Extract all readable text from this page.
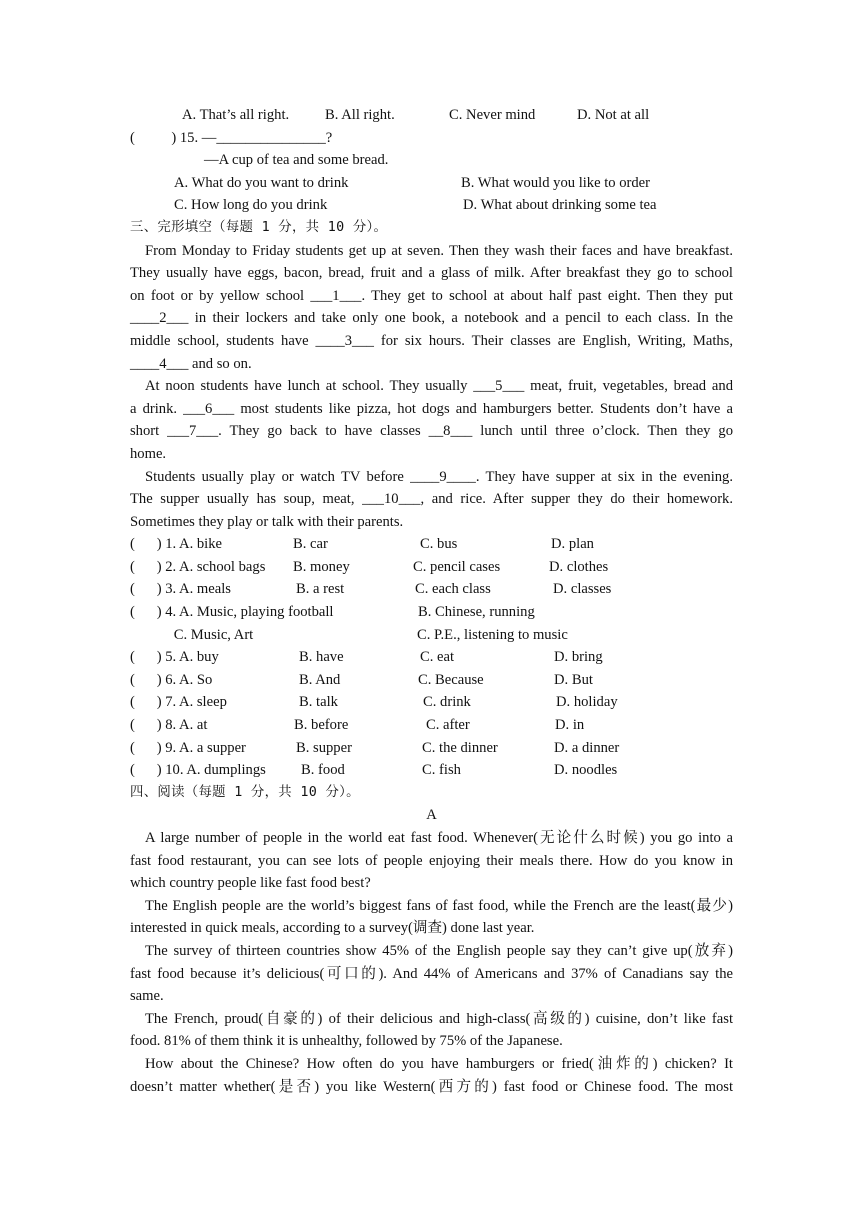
A. That’s all right. B. All right.	C. Never mind	D. Not at all
(          ) 15. —_______________?
—A cup of tea and some bread.
A. What do you want to drink	B. What would you like to order
C. How long do you drink	D. What about drinking some tea
三、完形填空（每题 1 分，共 10 分）。
From Monday to Friday students get up at seven. Then they wash their faces and have breakfast.
They usually have eggs, bacon, bread, fruit and a glass of milk. After breakfast they go to school
on foot or by yellow school ___1___. They get to school at about half past eight. Then they put
____2___ in their lockers and take only one book, a notebook and a pencil to each class. In the
middle school, students have ____3___ for six hours. Their classes are English, Writing, Maths,
____4___ and so on.
At noon students have lunch at school. They usually ___5___ meat, fruit, vegetables, bread and
a drink. ___6___ most students like pizza, hot dogs and hamburgers better. Students don’t have a
short ___7___. They go back to have classes __8___ lunch until three o’clock. Then they go
home.
Students usually play or watch TV before ____9____. They have supper at six in the evening.
The supper usually has soup, meat, ___10___, and rice. After supper they do their homework.
Sometimes they play or talk with their parents.
(      ) 1. A. bike	B. car	C. bus	D. plan
(      ) 2. A. school bags B. money	C. pencil cases	D. clothes
(      ) 3. A. meals	B. a rest	C. each class	D. classes
(      ) 4. A. Music, playing football	B. Chinese, running
C. Music, Art	C. P.E., listening to music
(      ) 5. A. buy	B. have	C. eat	D. bring
(      ) 6. A. So	B. And	C. Because	D. But
(      ) 7. A. sleep	B. talk	C. drink	D. holiday
(      ) 8. A. at	B. before	C. after	D. in
(      ) 9. A. a supper	B. supper	C. the dinner	D. a dinner
(      ) 10. A. dumplings B. food	C. fish	D. noodles
四、阅读（每题 1 分，共 10 分）。
A
A large number of people in the world eat fast food. Whenever(无论什么时候) you go into a
fast food restaurant, you can see lots of people enjoying their meals there. How do you know in
which country people like fast food best?
The English people are the world’s biggest fans of fast food, while the French are the least(最少)
interested in quick meals, according to a survey(调查) done last year.
The survey of thirteen countries show 45% of the English people say they can’t give up(放弃)
fast food because it’s delicious(可口的). And 44% of Americans and 37% of Canadians say the
same.
The French, proud(自豪的) of their delicious and high-class(高级的) cuisine, don’t like fast
food. 81% of them think it is unhealthy, followed by 75% of the Japanese.
How about the Chinese? How often do you have hamburgers or fried(油炸的) chicken? It
doesn’t matter whether(是否) you like Western(西方的) fast food or Chinese food. The most
